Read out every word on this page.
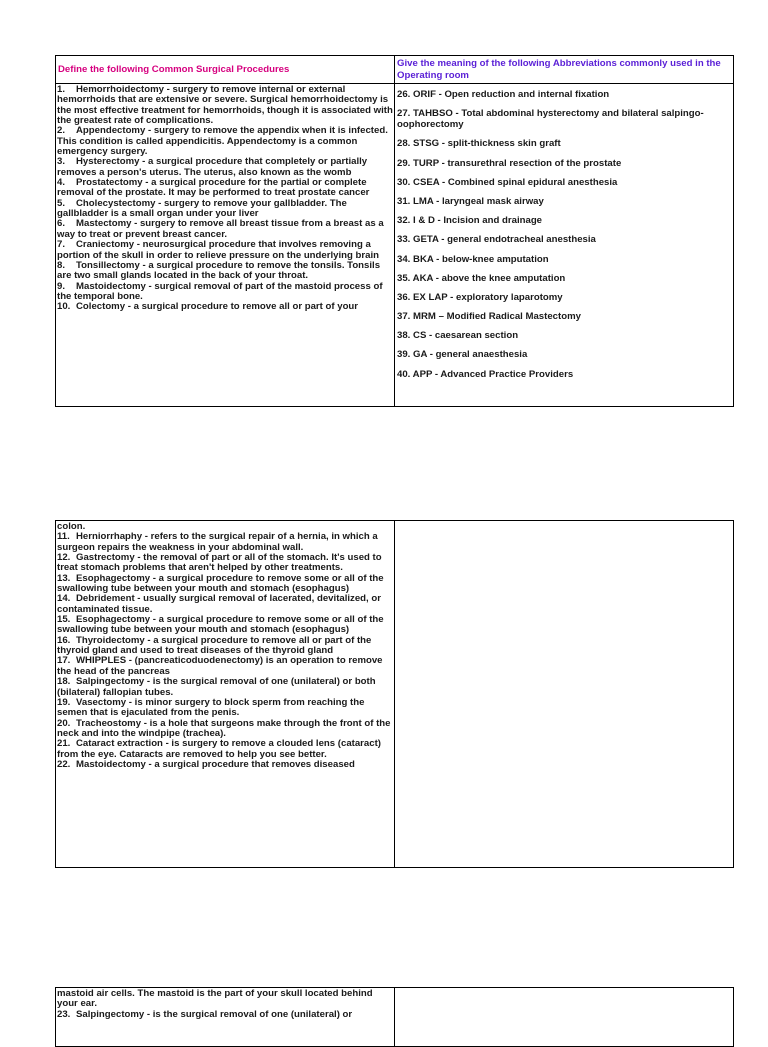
Define the following Common Surgical Procedures
Give the meaning of the following Abbreviations commonly used in the Operating room

1. Hemorrhoidectomy - surgery to remove internal or external hemorrhoids that are extensive or severe. Surgical hemorrhoidectomy is the most effective treatment for hemorrhoids, though it is associated with the greatest rate of complications.

2. Appendectomy - surgery to remove the appendix when it is infected. This condition is called appendicitis. Appendectomy is a common emergency surgery.

3. Hysterectomy - a surgical procedure that completely or partially removes a person's uterus. The uterus, also known as the womb

4. Prostatectomy - a surgical procedure for the partial or complete removal of the prostate. It may be performed to treat prostate cancer

5. Cholecystectomy - surgery to remove your gallbladder. The gallbladder is a small organ under your liver

6. Mastectomy - surgery to remove all breast tissue from a breast as a way to treat or prevent breast cancer.

7. Craniectomy - neurosurgical procedure that involves removing a portion of the skull in order to relieve pressure on the underlying brain

8. Tonsillectomy - a surgical procedure to remove the tonsils. Tonsils are two small glands located in the back of your throat.

9. Mastoidectomy - surgical removal of part of the mastoid process of the temporal bone.

10. Colectomy - a surgical procedure to remove all or part of your

26. ORIF - Open reduction and internal fixation
27. TAHBSO - Total abdominal hysterectomy and bilateral salpingo-oophorectomy
28. STSG - split-thickness skin graft
29. TURP - transurethral resection of the prostate
30. CSEA - Combined spinal epidural anesthesia
31. LMA - laryngeal mask airway
32. I & D - Incision and drainage
33. GETA - general endotracheal anesthesia
34. BKA - below-knee amputation
35. AKA - above the knee amputation
36. EX LAP - exploratory laparotomy
37. MRM – Modified Radical Mastectomy
38. CS - caesarean section
39. GA - general anaesthesia
40. APP - Advanced Practice Providers

colon.

11. Herniorrhaphy - refers to the surgical repair of a hernia, in which a surgeon repairs the weakness in your abdominal wall.

12. Gastrectomy - the removal of part or all of the stomach. It's used to treat stomach problems that aren't helped by other treatments.

13. Esophagectomy - a surgical procedure to remove some or all of the swallowing tube between your mouth and stomach (esophagus)

14. Debridement - usually surgical removal of lacerated, devitalized, or contaminated tissue.

15. Esophagectomy - a surgical procedure to remove some or all of the swallowing tube between your mouth and stomach (esophagus)

16. Thyroidectomy - a surgical procedure to remove all or part of the thyroid gland and used to treat diseases of the thyroid gland

17. WHIPPLES - (pancreaticoduodenectomy) is an operation to remove the head of the pancreas

18. Salpingectomy - is the surgical removal of one (unilateral) or both (bilateral) fallopian tubes.

19. Vasectomy - is minor surgery to block sperm from reaching the semen that is ejaculated from the penis.

20. Tracheostomy - is a hole that surgeons make through the front of the neck and into the windpipe (trachea).

21. Cataract extraction - is surgery to remove a clouded lens (cataract) from the eye. Cataracts are removed to help you see better.

22. Mastoidectomy - a surgical procedure that removes diseased

mastoid air cells. The mastoid is the part of your skull located behind your ear.

23. Salpingectomy - is the surgical removal of one (unilateral) or
